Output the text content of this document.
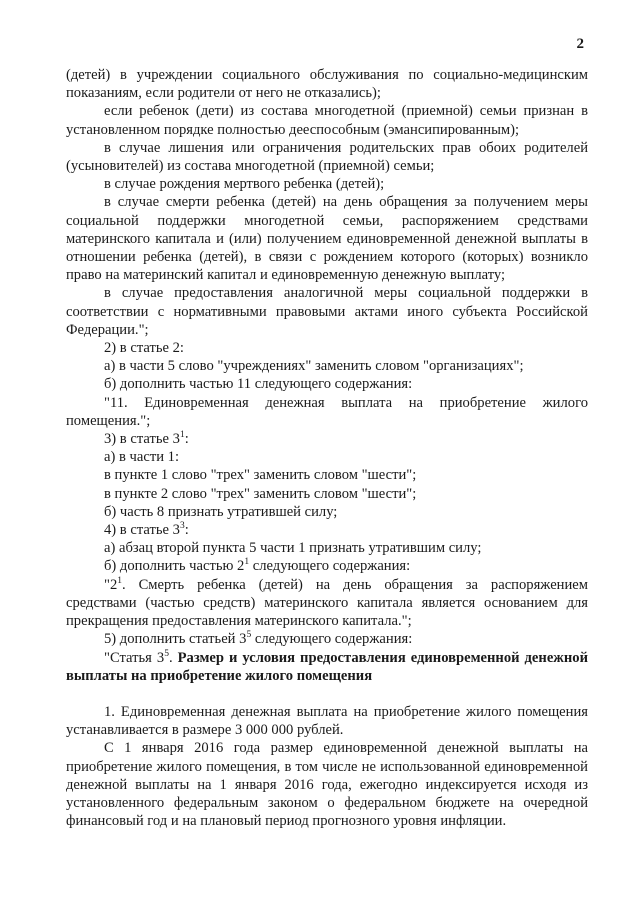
2

(детей) в учреждении социального обслуживания по социально-медицинским показаниям, если родители от него не отказались);

если ребенок (дети) из состава многодетной (приемной) семьи признан в установленном порядке полностью дееспособным (эмансипированным);

в случае лишения или ограничения родительских прав обоих родителей (усыновителей) из состава многодетной (приемной) семьи;

в случае рождения мертвого ребенка (детей);

в случае смерти ребенка (детей) на день обращения за получением меры социальной поддержки многодетной семьи, распоряжением средствами материнского капитала и (или) получением единовременной денежной выплаты в отношении ребенка (детей), в связи с рождением которого (которых) возникло право на материнский капитал и единовременную денежную выплату;

в случае предоставления аналогичной меры социальной поддержки в соответствии с нормативными правовыми актами иного субъекта Российской Федерации.";

2) в статье 2:

а) в части 5 слово "учреждениях" заменить словом "организациях";

б) дополнить частью 11 следующего содержания:

"11. Единовременная денежная выплата на приобретение жилого помещения.";

3) в статье $3^1$:

а) в части 1:

в пункте 1 слово "трех" заменить словом "шести";

в пункте 2 слово "трех" заменить словом "шести";

б) часть 8 признать утратившей силу;

4) в статье $3^3$:

а) абзац второй пункта 5 части 1 признать утратившим силу;

б) дополнить частью $2^1$ следующего содержания:

"$2^1$. Смерть ребенка (детей) на день обращения за распоряжением средствами (частью средств) материнского капитала является основанием для прекращения предоставления материнского капитала.";

5) дополнить статьей $3^5$ следующего содержания:

"Статья $3^5$. Размер и условия предоставления единовременной денежной выплаты на приобретение жилого помещения

1. Единовременная денежная выплата на приобретение жилого помещения устанавливается в размере 3 000 000 рублей.

С 1 января 2016 года размер единовременной денежной выплаты на приобретение жилого помещения, в том числе не использованной единовременной денежной выплаты на 1 января 2016 года, ежегодно индексируется исходя из установленного федеральным законом о федеральном бюджете на очередной финансовый год и на плановый период прогнозного уровня инфляции.
